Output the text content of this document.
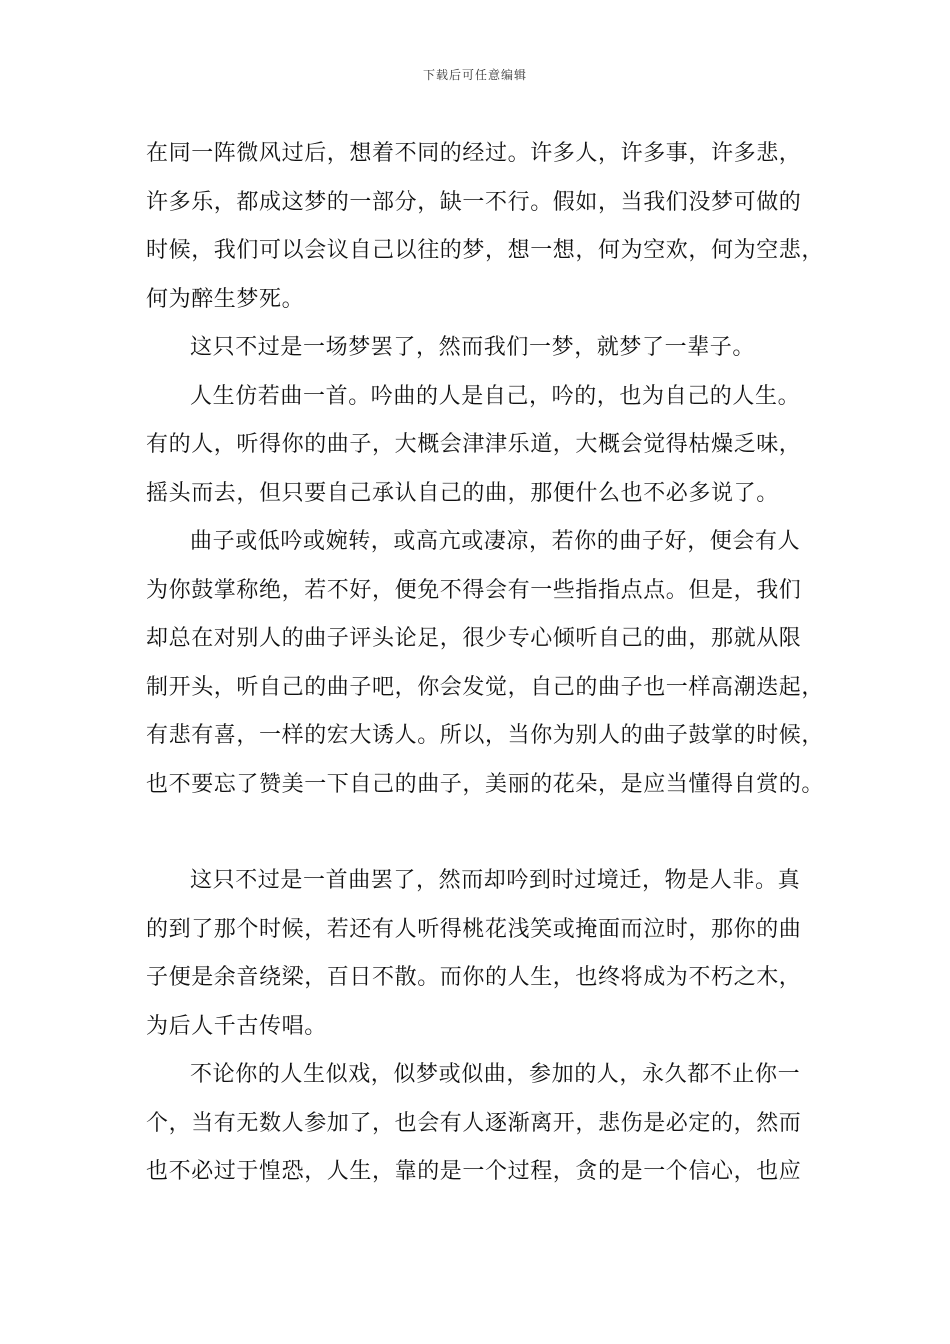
下载后可任意编辑
在同一阵微风过后，想着不同的经过。许多人，许多事，许多悲，
许多乐，都成这梦的一部分，缺一不行。假如，当我们没梦可做的
时候，我们可以会议自己以往的梦，想一想，何为空欢，何为空悲，
何为醉生梦死。
这只不过是一场梦罢了，然而我们一梦，就梦了一辈子。
人生仿若曲一首。吟曲的人是自己，吟的，也为自己的人生。
有的人，听得你的曲子，大概会津津乐道，大概会觉得枯燥乏味，
摇头而去，但只要自己承认自己的曲，那便什么也不必多说了。
曲子或低吟或婉转，或高亢或凄凉，若你的曲子好，便会有人
为你鼓掌称绝，若不好，便免不得会有一些指指点点。但是，我们
却总在对别人的曲子评头论足，很少专心倾听自己的曲，那就从限
制开头，听自己的曲子吧，你会发觉，自己的曲子也一样高潮迭起，
有悲有喜，一样的宏大诱人。所以，当你为别人的曲子鼓掌的时候，
也不要忘了赞美一下自己的曲子，美丽的花朵，是应当懂得自赏的。
这只不过是一首曲罢了，然而却吟到时过境迁，物是人非。真
的到了那个时候，若还有人听得桃花浅笑或掩面而泣时，那你的曲
子便是余音绕梁，百日不散。而你的人生，也终将成为不朽之木，
为后人千古传唱。
不论你的人生似戏，似梦或似曲，参加的人，永久都不止你一
个，当有无数人参加了，也会有人逐渐离开，悲伤是必定的，然而
也不必过于惶恐，人生，靠的是一个过程，贪的是一个信心，也应
